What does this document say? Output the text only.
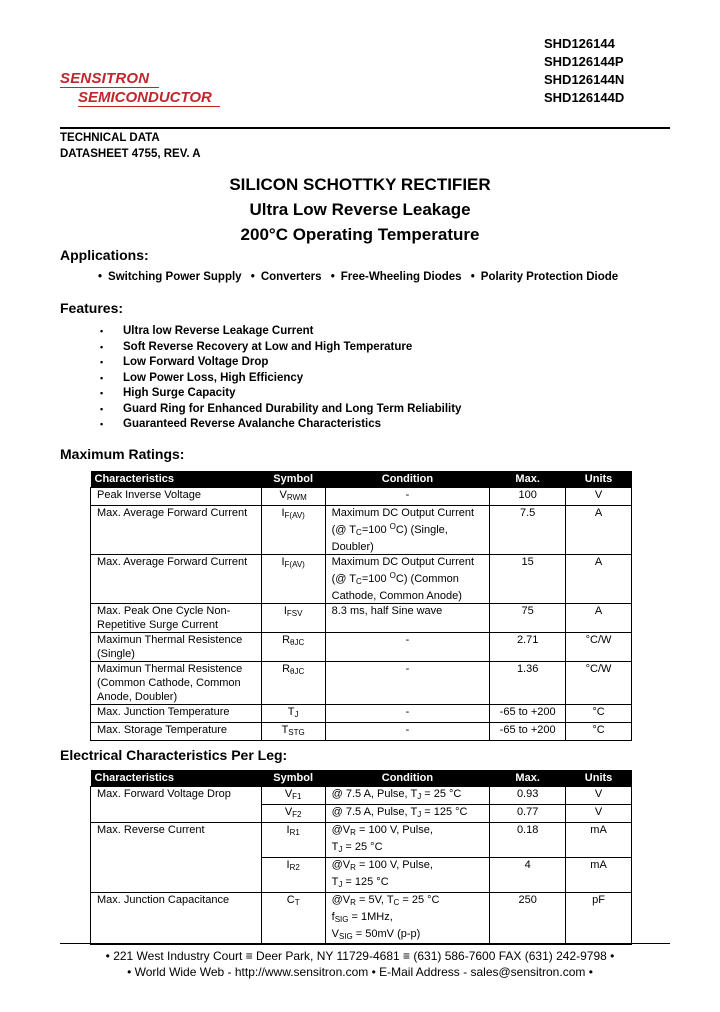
SENSITRON
SEMICONDUCTOR
SHD126144
SHD126144P
SHD126144N
SHD126144D
TECHNICAL DATA
DATASHEET 4755, REV. A
SILICON SCHOTTKY RECTIFIER
Ultra Low Reverse Leakage
200°C Operating Temperature
Applications:
• Switching Power Supply • Converters • Free-Wheeling Diodes • Polarity Protection Diode
Features:
• Ultra low Reverse Leakage Current
• Soft Reverse Recovery at Low and High Temperature
• Low Forward Voltage Drop
• Low Power Loss, High Efficiency
• High Surge Capacity
• Guard Ring for Enhanced Durability and Long Term Reliability
• Guaranteed Reverse Avalanche Characteristics
Maximum Ratings:
Characteristics	Symbol	Condition	Max.	Units
Peak Inverse Voltage	$V_{RWM}$	-	100	V
Max. Average Forward Current	$I_{F(AV)}$	Maximum DC Output Current
(@ $T_C=100$ $^O$C) (Single,
Doubler)	7.5	A
Max. Average Forward Current	$I_{F(AV)}$	Maximum DC Output Current
(@ $T_C=100$ $^O$C) (Common
Cathode, Common Anode)	15	A
Max. Peak One Cycle Non-
Repetitive Surge Current	$I_{FSV}$	8.3 ms, half Sine wave	75	A
Maximun Thermal Resistence
(Single)	$R_{\theta JC}$	-	2.71	°C/W
Maximun Thermal Resistence
(Common Cathode, Common
Anode, Doubler)	$R_{\theta JC}$	-	1.36	°C/W
Max. Junction Temperature	$T_J$	-	-65 to +200	°C
Max. Storage Temperature	$T_{STG}$	-	-65 to +200	°C
Electrical Characteristics Per Leg:
Characteristics	Symbol	Condition	Max.	Units
Max. Forward Voltage Drop	$V_{F1}$	@ 7.5 A, Pulse, $T_J = 25$ °C	0.93	V
	$V_{F2}$	@ 7.5 A, Pulse, $T_J = 125$ °C	0.77	V
Max. Reverse Current	$I_{R1}$	$@V_R = 100$ V, Pulse,
$T_J = 25$ °C	0.18	mA
	$I_{R2}$	$@V_R = 100$ V, Pulse,
$T_J = 125$ °C	4	mA
Max. Junction Capacitance	$C_T$	$@V_R = 5V$, $T_C = 25$ °C
$f_{SIG} = 1MHz$,
$V_{SIG} = 50mV$ (p-p)	250	pF
• 221 West Industry Court ≡ Deer Park, NY 11729-4681 ≡ (631) 586-7600 FAX (631) 242-9798 •
• World Wide Web - http://www.sensitron.com • E-Mail Address - sales@sensitron.com •
